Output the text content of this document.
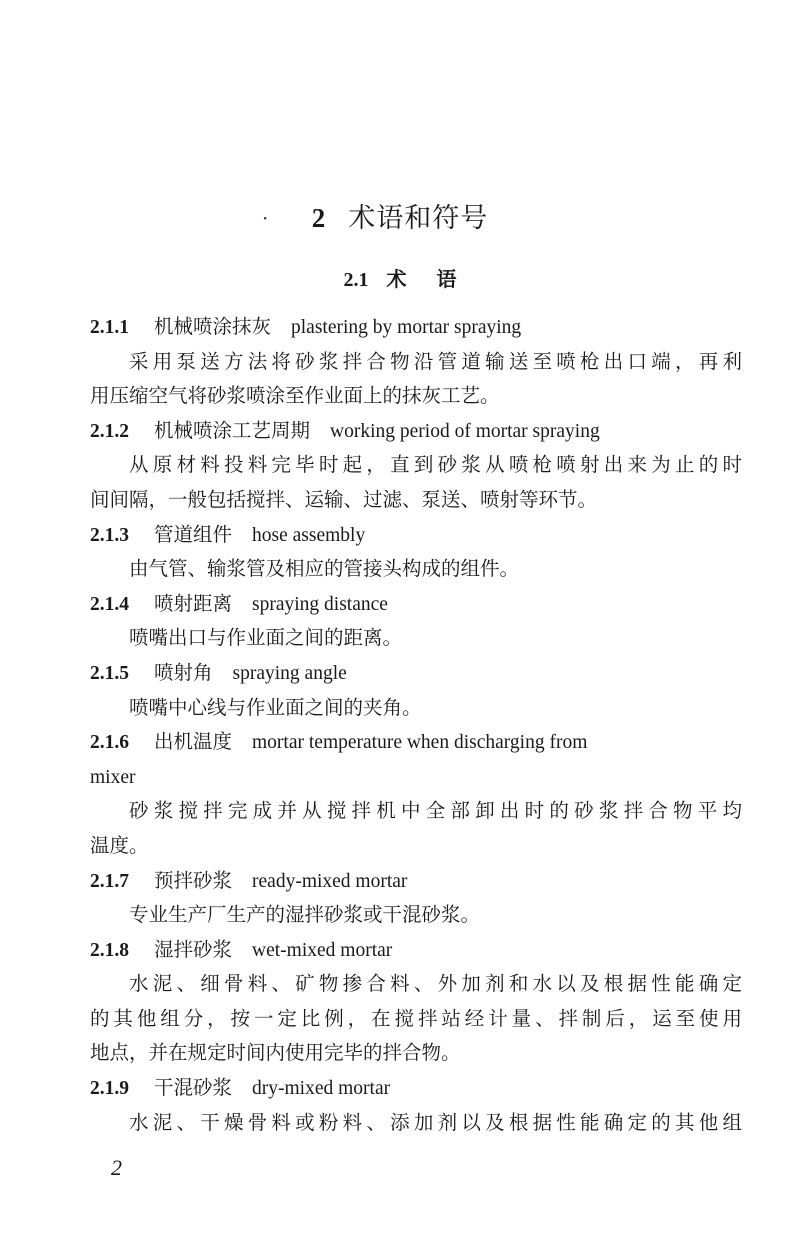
·	2 术语和符号
2.1 术 语
2.1.1 机械喷涂抹灰 plastering by mortar spraying
采用泵送方法将砂浆拌合物沿管道输送至喷枪出口端，再利
用压缩空气将砂浆喷涂至作业面上的抹灰工艺。
2.1.2 机械喷涂工艺周期 working period of mortar spraying
从原材料投料完毕时起，直到砂浆从喷枪喷射出来为止的时
间间隔，一般包括搅拌、运输、过滤、泵送、喷射等环节。
2.1.3 管道组件 hose assembly
由气管、输浆管及相应的管接头构成的组件。
2.1.4 喷射距离 spraying distance
喷嘴出口与作业面之间的距离。
2.1.5 喷射角 spraying angle
喷嘴中心线与作业面之间的夹角。
2.1.6 出机温度 mortar temperature when discharging from
mixer
砂浆搅拌完成并从搅拌机中全部卸出时的砂浆拌合物平均
温度。
2.1.7 预拌砂浆 ready-mixed mortar
专业生产厂生产的湿拌砂浆或干混砂浆。
2.1.8 湿拌砂浆 wet-mixed mortar
水泥、细骨料、矿物掺合料、外加剂和水以及根据性能确定
的其他组分，按一定比例，在搅拌站经计量、拌制后，运至使用
地点，并在规定时间内使用完毕的拌合物。
2.1.9 干混砂浆 dry-mixed mortar
水泥、干燥骨料或粉料、添加剂以及根据性能确定的其他组
2
